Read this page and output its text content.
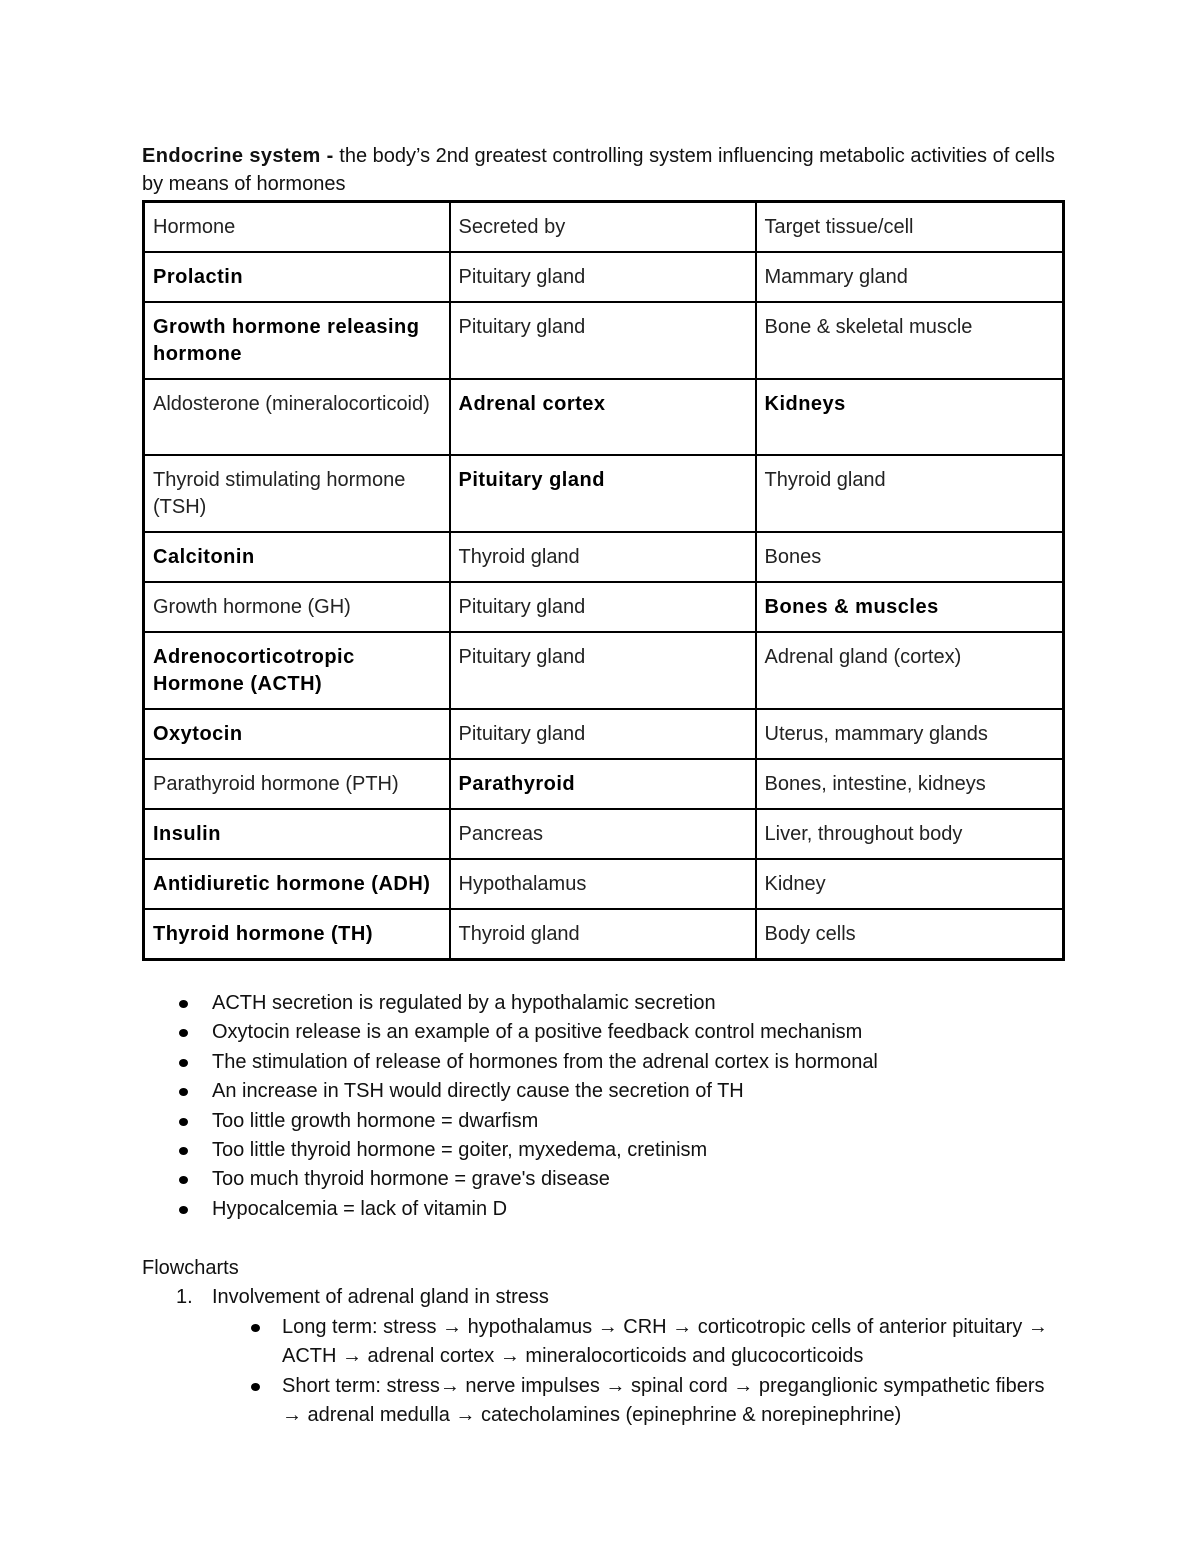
Endocrine system - the body’s 2nd greatest controlling system influencing metabolic activities of cells by means of hormones

Hormone	Secreted by	Target tissue/cell
Prolactin	Pituitary gland	Mammary gland
Growth hormone releasing hormone	Pituitary gland	Bone & skeletal muscle
Aldosterone (mineralocorticoid)	Adrenal cortex	Kidneys
Thyroid stimulating hormone (TSH)	Pituitary gland	Thyroid gland
Calcitonin	Thyroid gland	Bones
Growth hormone (GH)	Pituitary gland	Bones & muscles
Adrenocorticotropic Hormone (ACTH)	Pituitary gland	Adrenal gland (cortex)
Oxytocin	Pituitary gland	Uterus, mammary glands
Parathyroid hormone (PTH)	Parathyroid	Bones, intestine, kidneys
Insulin	Pancreas	Liver, throughout body
Antidiuretic hormone (ADH)	Hypothalamus	Kidney
Thyroid hormone (TH)	Thyroid gland	Body cells
ACTH secretion is regulated by a hypothalamic secretion
Oxytocin release is an example of a positive feedback control mechanism
The stimulation of release of hormones from the adrenal cortex is hormonal
An increase in TSH would directly cause the secretion of TH
Too little growth hormone = dwarfism
Too little thyroid hormone = goiter, myxedema, cretinism
Too much thyroid hormone = grave's disease
Hypocalcemia = lack of vitamin D
Flowcharts
1. Involvement of adrenal gland in stress
Long term: stress → hypothalamus → CRH → corticotropic cells of anterior pituitary → ACTH → adrenal cortex → mineralocorticoids and glucocorticoids
Short term: stress→ nerve impulses → spinal cord → preganglionic sympathetic fibers → adrenal medulla → catecholamines (epinephrine & norepinephrine)
